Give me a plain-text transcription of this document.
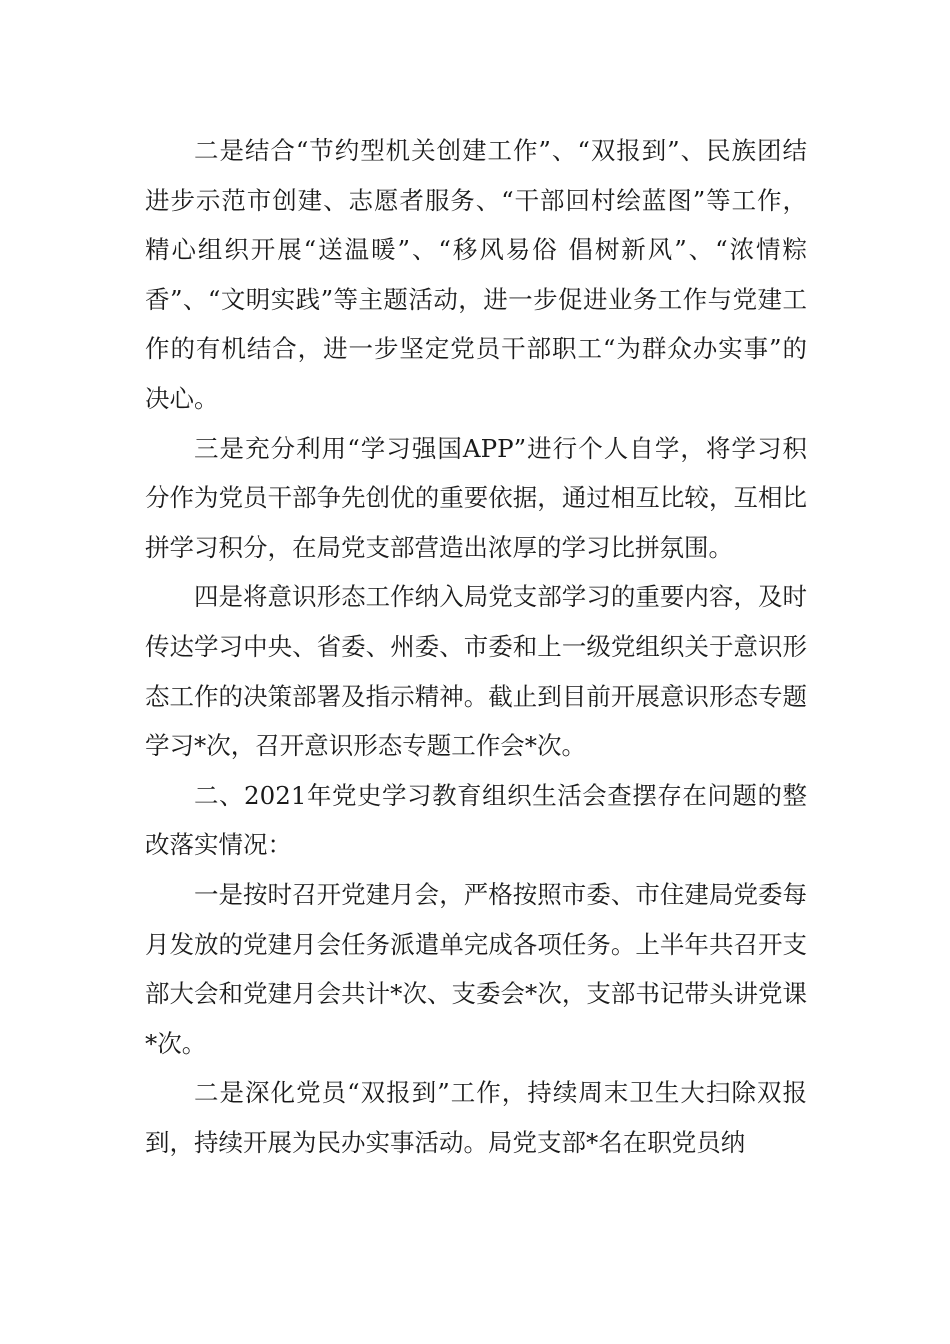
二是结合“节约型机关创建工作”、“双报到”、民族团结进步示范市创建、志愿者服务、“干部回村绘蓝图”等工作，精心组织开展“送温暖”、“移风易俗 倡树新风”、“浓情粽香”、“文明实践”等主题活动，进一步促进业务工作与党建工作的有机结合，进一步坚定党员干部职工“为群众办实事”的决心。

三是充分利用“学习强国APP”进行个人自学，将学习积分作为党员干部争先创优的重要依据，通过相互比较，互相比拼学习积分，在局党支部营造出浓厚的学习比拼氛围。

四是将意识形态工作纳入局党支部学习的重要内容，及时传达学习中央、省委、州委、市委和上一级党组织关于意识形态工作的决策部署及指示精神。截止到目前开展意识形态专题学习*次，召开意识形态专题工作会*次。

二、2021年党史学习教育组织生活会查摆存在问题的整改落实情况：

一是按时召开党建月会，严格按照市委、市住建局党委每月发放的党建月会任务派遣单完成各项任务。上半年共召开支部大会和党建月会共计*次、支委会*次，支部书记带头讲党课*次。

二是深化党员“双报到”工作，持续周末卫生大扫除双报到，持续开展为民办实事活动。局党支部*名在职党员纳
